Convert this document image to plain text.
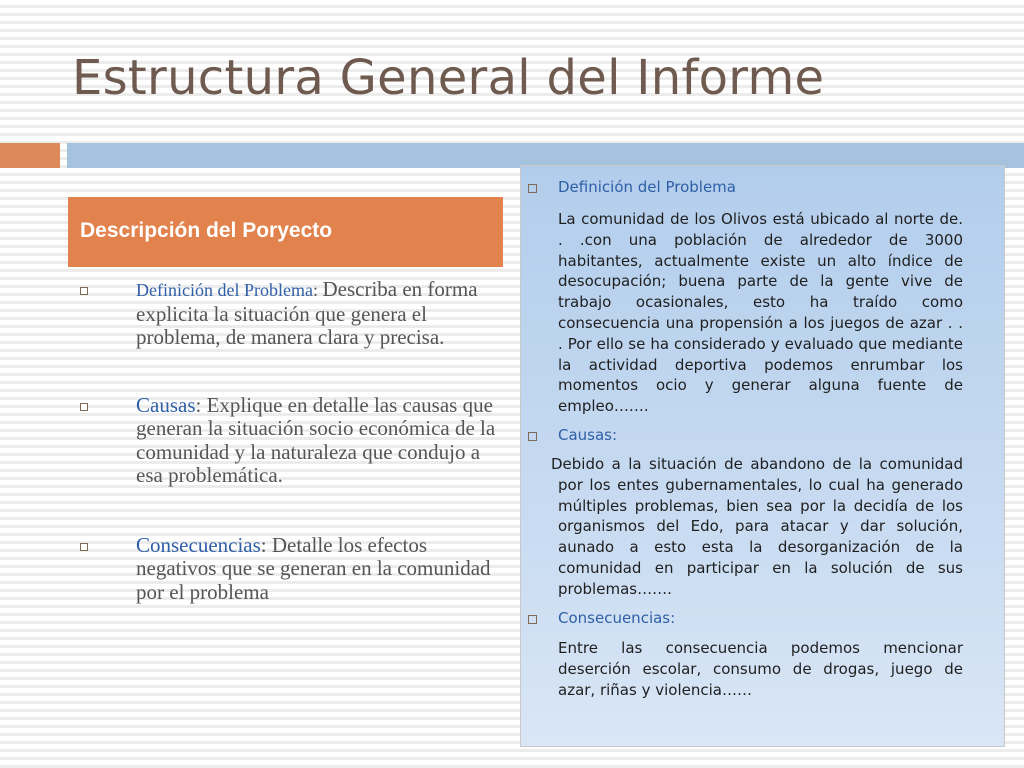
Estructura General del Informe
Descripción del Poryecto

Definición del Problema: Describa en forma explicita la situación que genera el problema, de manera clara y precisa.

Causas: Explique en detalle las causas que generan la situación socio económica de la comunidad y la naturaleza que condujo a esa problemática.

Consecuencias: Detalle los efectos negativos que se generan en la comunidad por el problema

Definición del Problema

La comunidad de los Olivos está ubicado al norte de. . .con una población de alrededor de 3000 habitantes, actualmente existe un alto índice de desocupación; buena parte de la gente vive de trabajo ocasionales, esto ha traído como consecuencia una propensión a los juegos de azar . . . Por ello se ha considerado y evaluado que mediante la actividad deportiva podemos enrumbar los momentos ocio y generar alguna fuente de empleo…….

Causas:

Debido a la situación de abandono de la comunidad por los entes gubernamentales, lo cual ha generado múltiples problemas, bien sea por la decidía de los organismos del Edo, para atacar y dar solución, aunado a esto esta la desorganización de la comunidad en participar en la solución de sus problemas…….

Consecuencias:

Entre las consecuencia podemos mencionar deserción escolar, consumo de drogas, juego de azar, riñas y violencia……
